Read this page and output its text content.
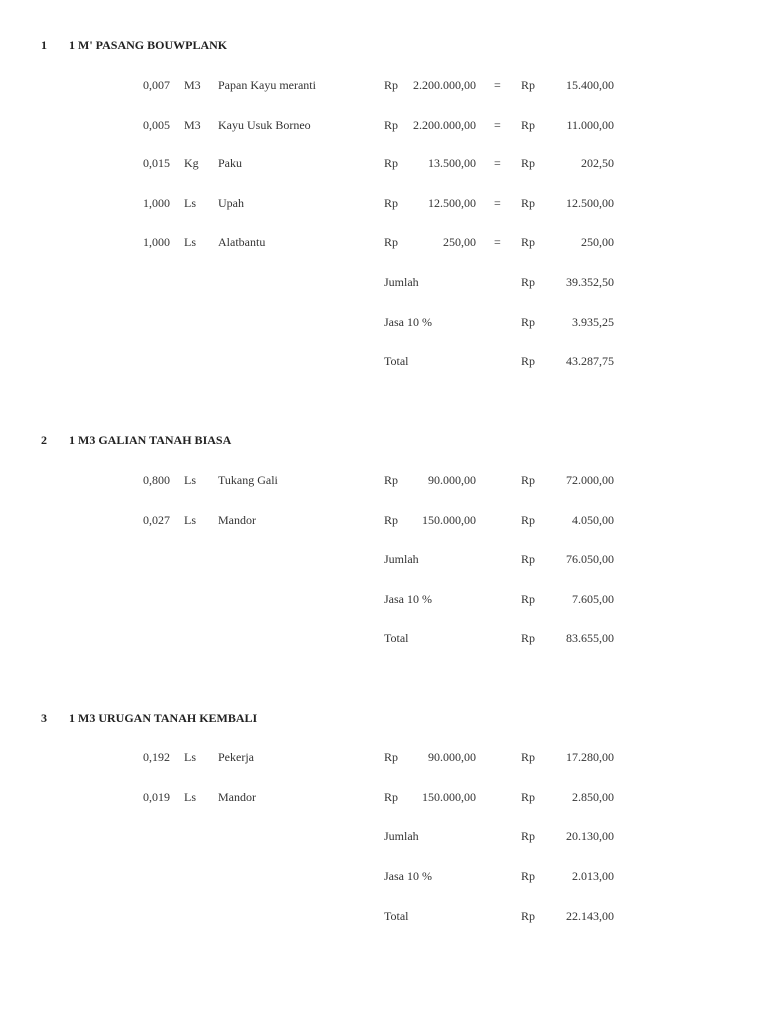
1	1 M' PASANG BOUWPLANK
0,007 M3 Papan Kayu meranti	Rp	2.200.000,00 = Rp	15.400,00
0,005 M3 Kayu Usuk Borneo	Rp	2.200.000,00 = Rp	11.000,00
0,015 Kg Paku	Rp	13.500,00 = Rp	202,50
1,000 Ls Upah	Rp	12.500,00 = Rp	12.500,00
1,000 Ls Alatbantu	Rp	250,00 = Rp	250,00
Jumlah	Rp	39.352,50
Jasa 10 %	Rp	3.935,25
Total	Rp	43.287,75
2	1 M3 GALIAN TANAH BIASA
0,800 Ls Tukang Gali	Rp	90.000,00	Rp	72.000,00
0,027 Ls Mandor	Rp	150.000,00	Rp	4.050,00
Jumlah	Rp	76.050,00
Jasa 10 %	Rp	7.605,00
Total	Rp	83.655,00
3	1 M3 URUGAN TANAH KEMBALI
0,192 Ls Pekerja	Rp	90.000,00	Rp	17.280,00
0,019 Ls Mandor	Rp	150.000,00	Rp	2.850,00
Jumlah	Rp	20.130,00
Jasa 10 %	Rp	2.013,00
Total	Rp	22.143,00
